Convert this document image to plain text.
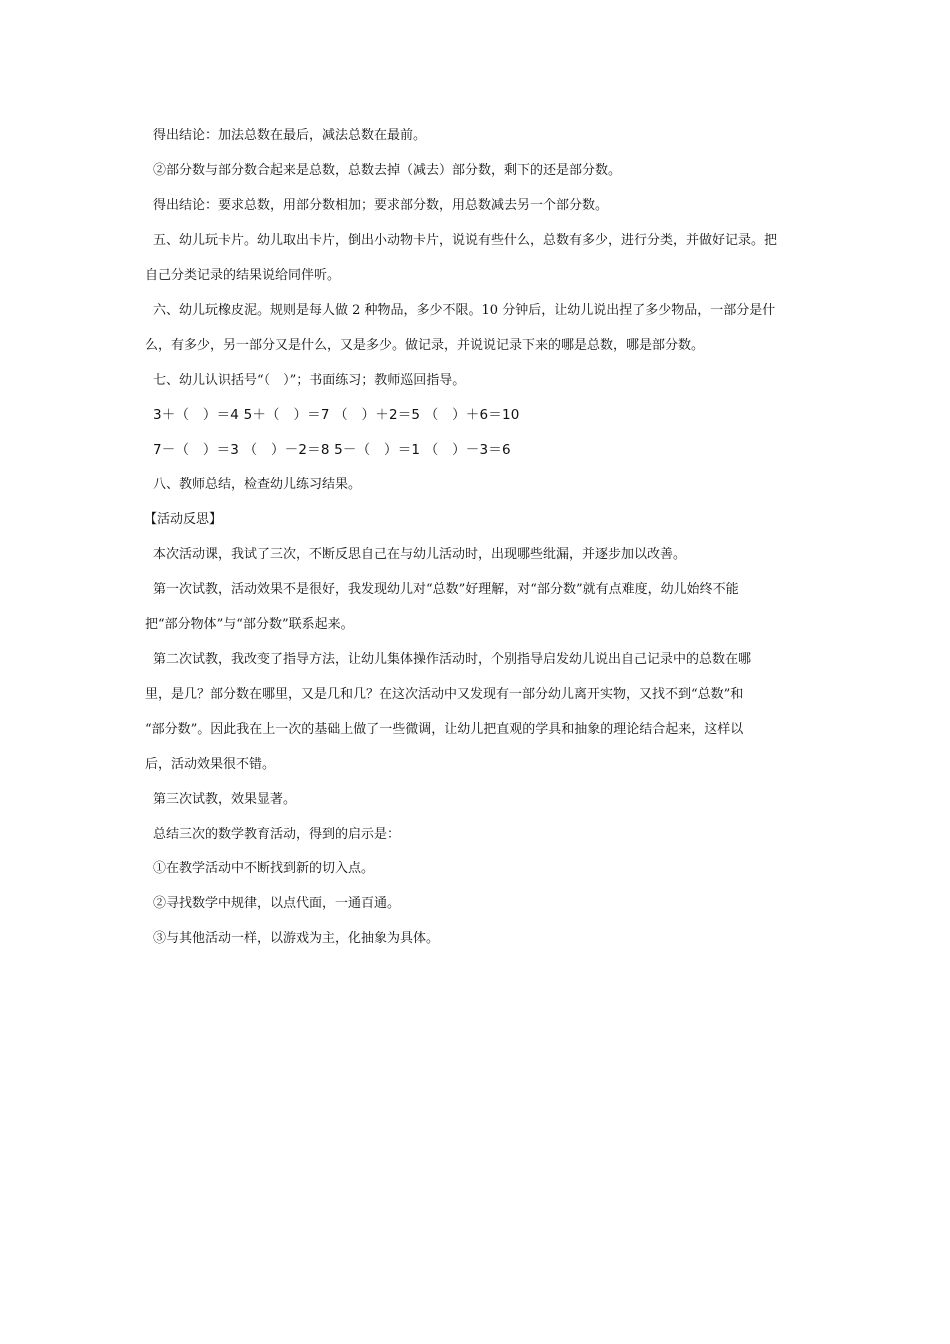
得出结论：加法总数在最后，减法总数在最前。
②部分数与部分数合起来是总数，总数去掉（减去）部分数，剩下的还是部分数。
得出结论：要求总数，用部分数相加；要求部分数，用总数减去另一个部分数。
五、幼儿玩卡片。幼儿取出卡片，倒出小动物卡片，说说有些什么，总数有多少，进行分类，并做好记录。把
自己分类记录的结果说给同伴听。
六、幼儿玩橡皮泥。规则是每人做 2 种物品，多少不限。10 分钟后，让幼儿说出捏了多少物品，一部分是什
么，有多少，另一部分又是什么，又是多少。做记录，并说说记录下来的哪是总数，哪是部分数。
七、幼儿认识括号“（　）”；书面练习；教师巡回指导。
3＋（　）＝4 5＋（　）＝7 （　）＋2＝5 （　）＋6＝10
7－（　）＝3 （　）－2＝8 5－（　）＝1 （　）－3＝6
八、教师总结，检查幼儿练习结果。
【活动反思】
本次活动课，我试了三次，不断反思自己在与幼儿活动时，出现哪些纰漏，并逐步加以改善。
第一次试教，活动效果不是很好，我发现幼儿对“总数”好理解，对“部分数”就有点难度，幼儿始终不能
把“部分物体”与“部分数”联系起来。
第二次试教，我改变了指导方法，让幼儿集体操作活动时，个别指导启发幼儿说出自己记录中的总数在哪
里，是几？部分数在哪里，又是几和几？在这次活动中又发现有一部分幼儿离开实物，又找不到“总数”和
“部分数”。因此我在上一次的基础上做了一些微调，让幼儿把直观的学具和抽象的理论结合起来，这样以
后，活动效果很不错。
第三次试教，效果显著。
总结三次的数学教育活动，得到的启示是：
①在教学活动中不断找到新的切入点。
②寻找数学中规律，以点代面，一通百通。
③与其他活动一样，以游戏为主，化抽象为具体。
